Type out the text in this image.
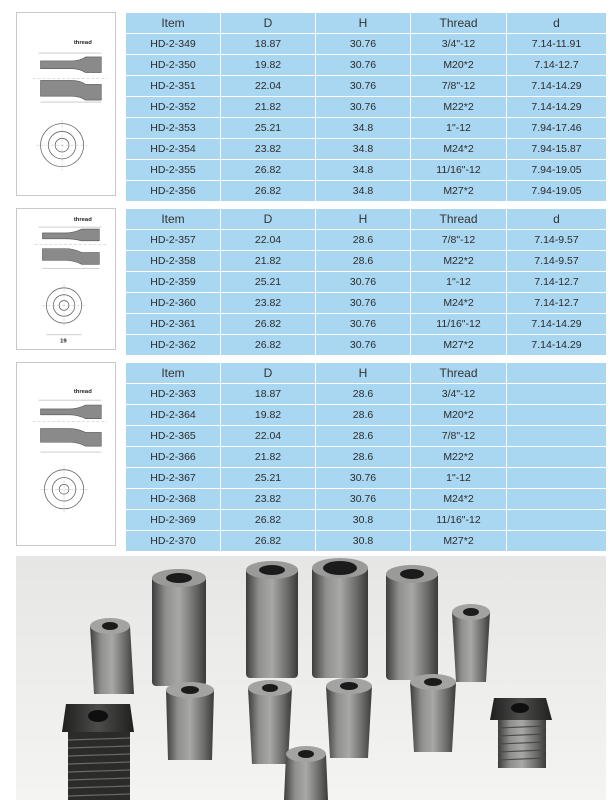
thread
Item	D	H	Thread	d
HD-2-349	18.87	30.76	3/4"-12	7.14-11.91
HD-2-350	19.82	30.76	M20*2	7.14-12.7
HD-2-351	22.04	30.76	7/8"-12	7.14-14.29
HD-2-352	21.82	30.76	M22*2	7.14-14.29
HD-2-353	25.21	34.8	1"-12	7.94-17.46
HD-2-354	23.82	34.8	M24*2	7.94-15.87
HD-2-355	26.82	34.8	11/16"-12	7.94-19.05
HD-2-356	26.82	34.8	M27*2	7.94-19.05
thread
19
Item	D	H	Thread	d
HD-2-357	22.04	28.6	7/8"-12	7.14-9.57
HD-2-358	21.82	28.6	M22*2	7.14-9.57
HD-2-359	25.21	30.76	1"-12	7.14-12.7
HD-2-360	23.82	30.76	M24*2	7.14-12.7
HD-2-361	26.82	30.76	11/16"-12	7.14-14.29
HD-2-362	26.82	30.76	M27*2	7.14-14.29
thread
Item	D	H	Thread	
HD-2-363	18.87	28.6	3/4"-12	
HD-2-364	19.82	28.6	M20*2	
HD-2-365	22.04	28.6	7/8"-12	
HD-2-366	21.82	28.6	M22*2	
HD-2-367	25.21	30.76	1"-12	
HD-2-368	23.82	30.76	M24*2	
HD-2-369	26.82	30.8	11/16"-12	
HD-2-370	26.82	30.8	M27*2	
